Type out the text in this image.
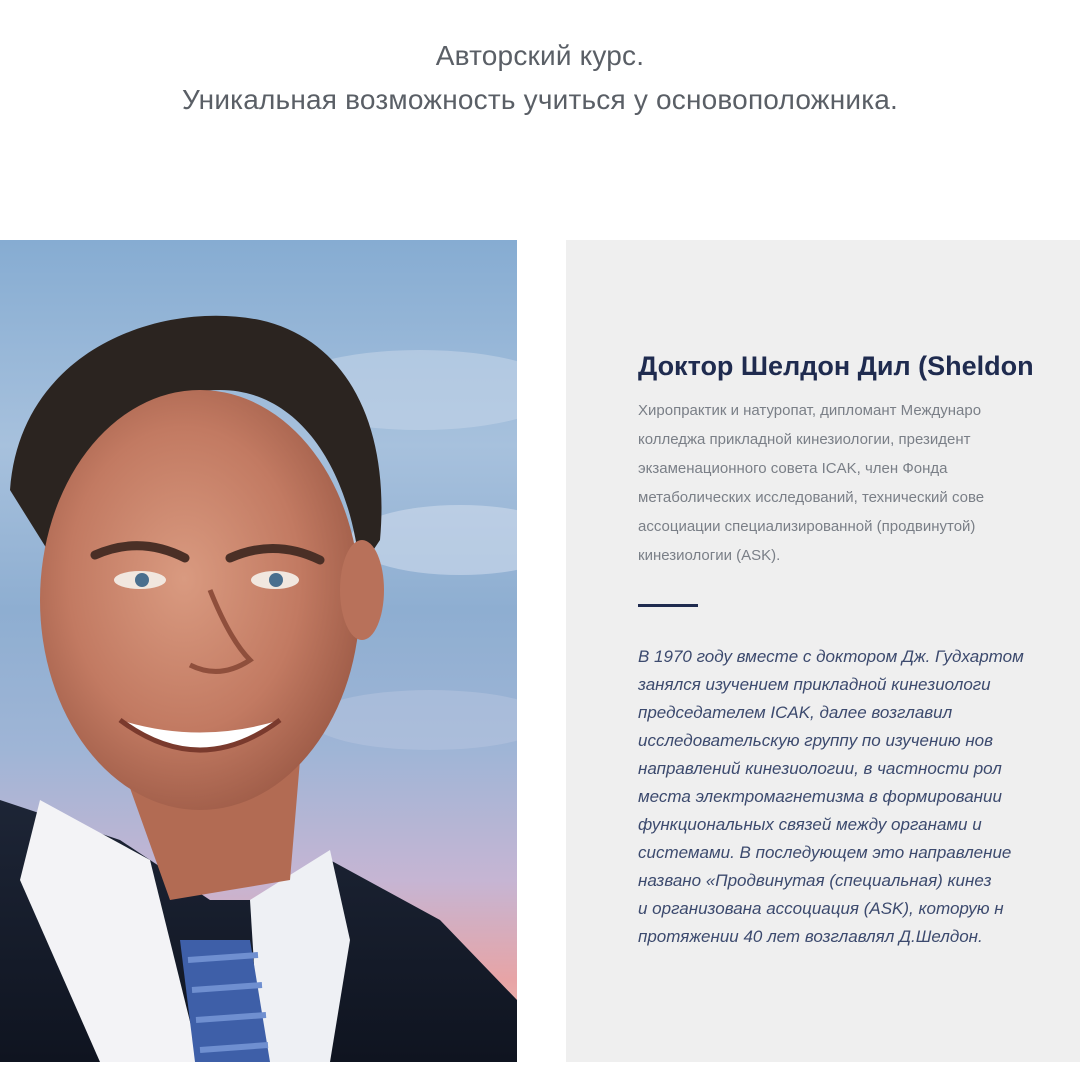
Авторский курс.
Уникальная возможность учиться у основоположника.
Доктор Шелдон Дил (Sheldon
Хиропрактик и натуропат, дипломант Междунаро
колледжа прикладной кинезиологии, президент
экзаменационного совета ICAK, член Фонда
метаболических исследований, технический сове
ассоциации специализированной (продвинутой)
кинезиологии (ASK).
В 1970 году вместе с доктором Дж. Гудхартом
занялся изучением прикладной кинезиологи
председателем ICAK, далее возглавил
исследовательскую группу по изучению нов
направлений кинезиологии, в частности рол
места электромагнетизма в формировании
функциональных связей между органами и
системами. В последующем это направление
названо «Продвинутая (специальная) кинез
и организована ассоциация (ASK), которую н
протяжении 40 лет возглавлял Д.Шелдон.
